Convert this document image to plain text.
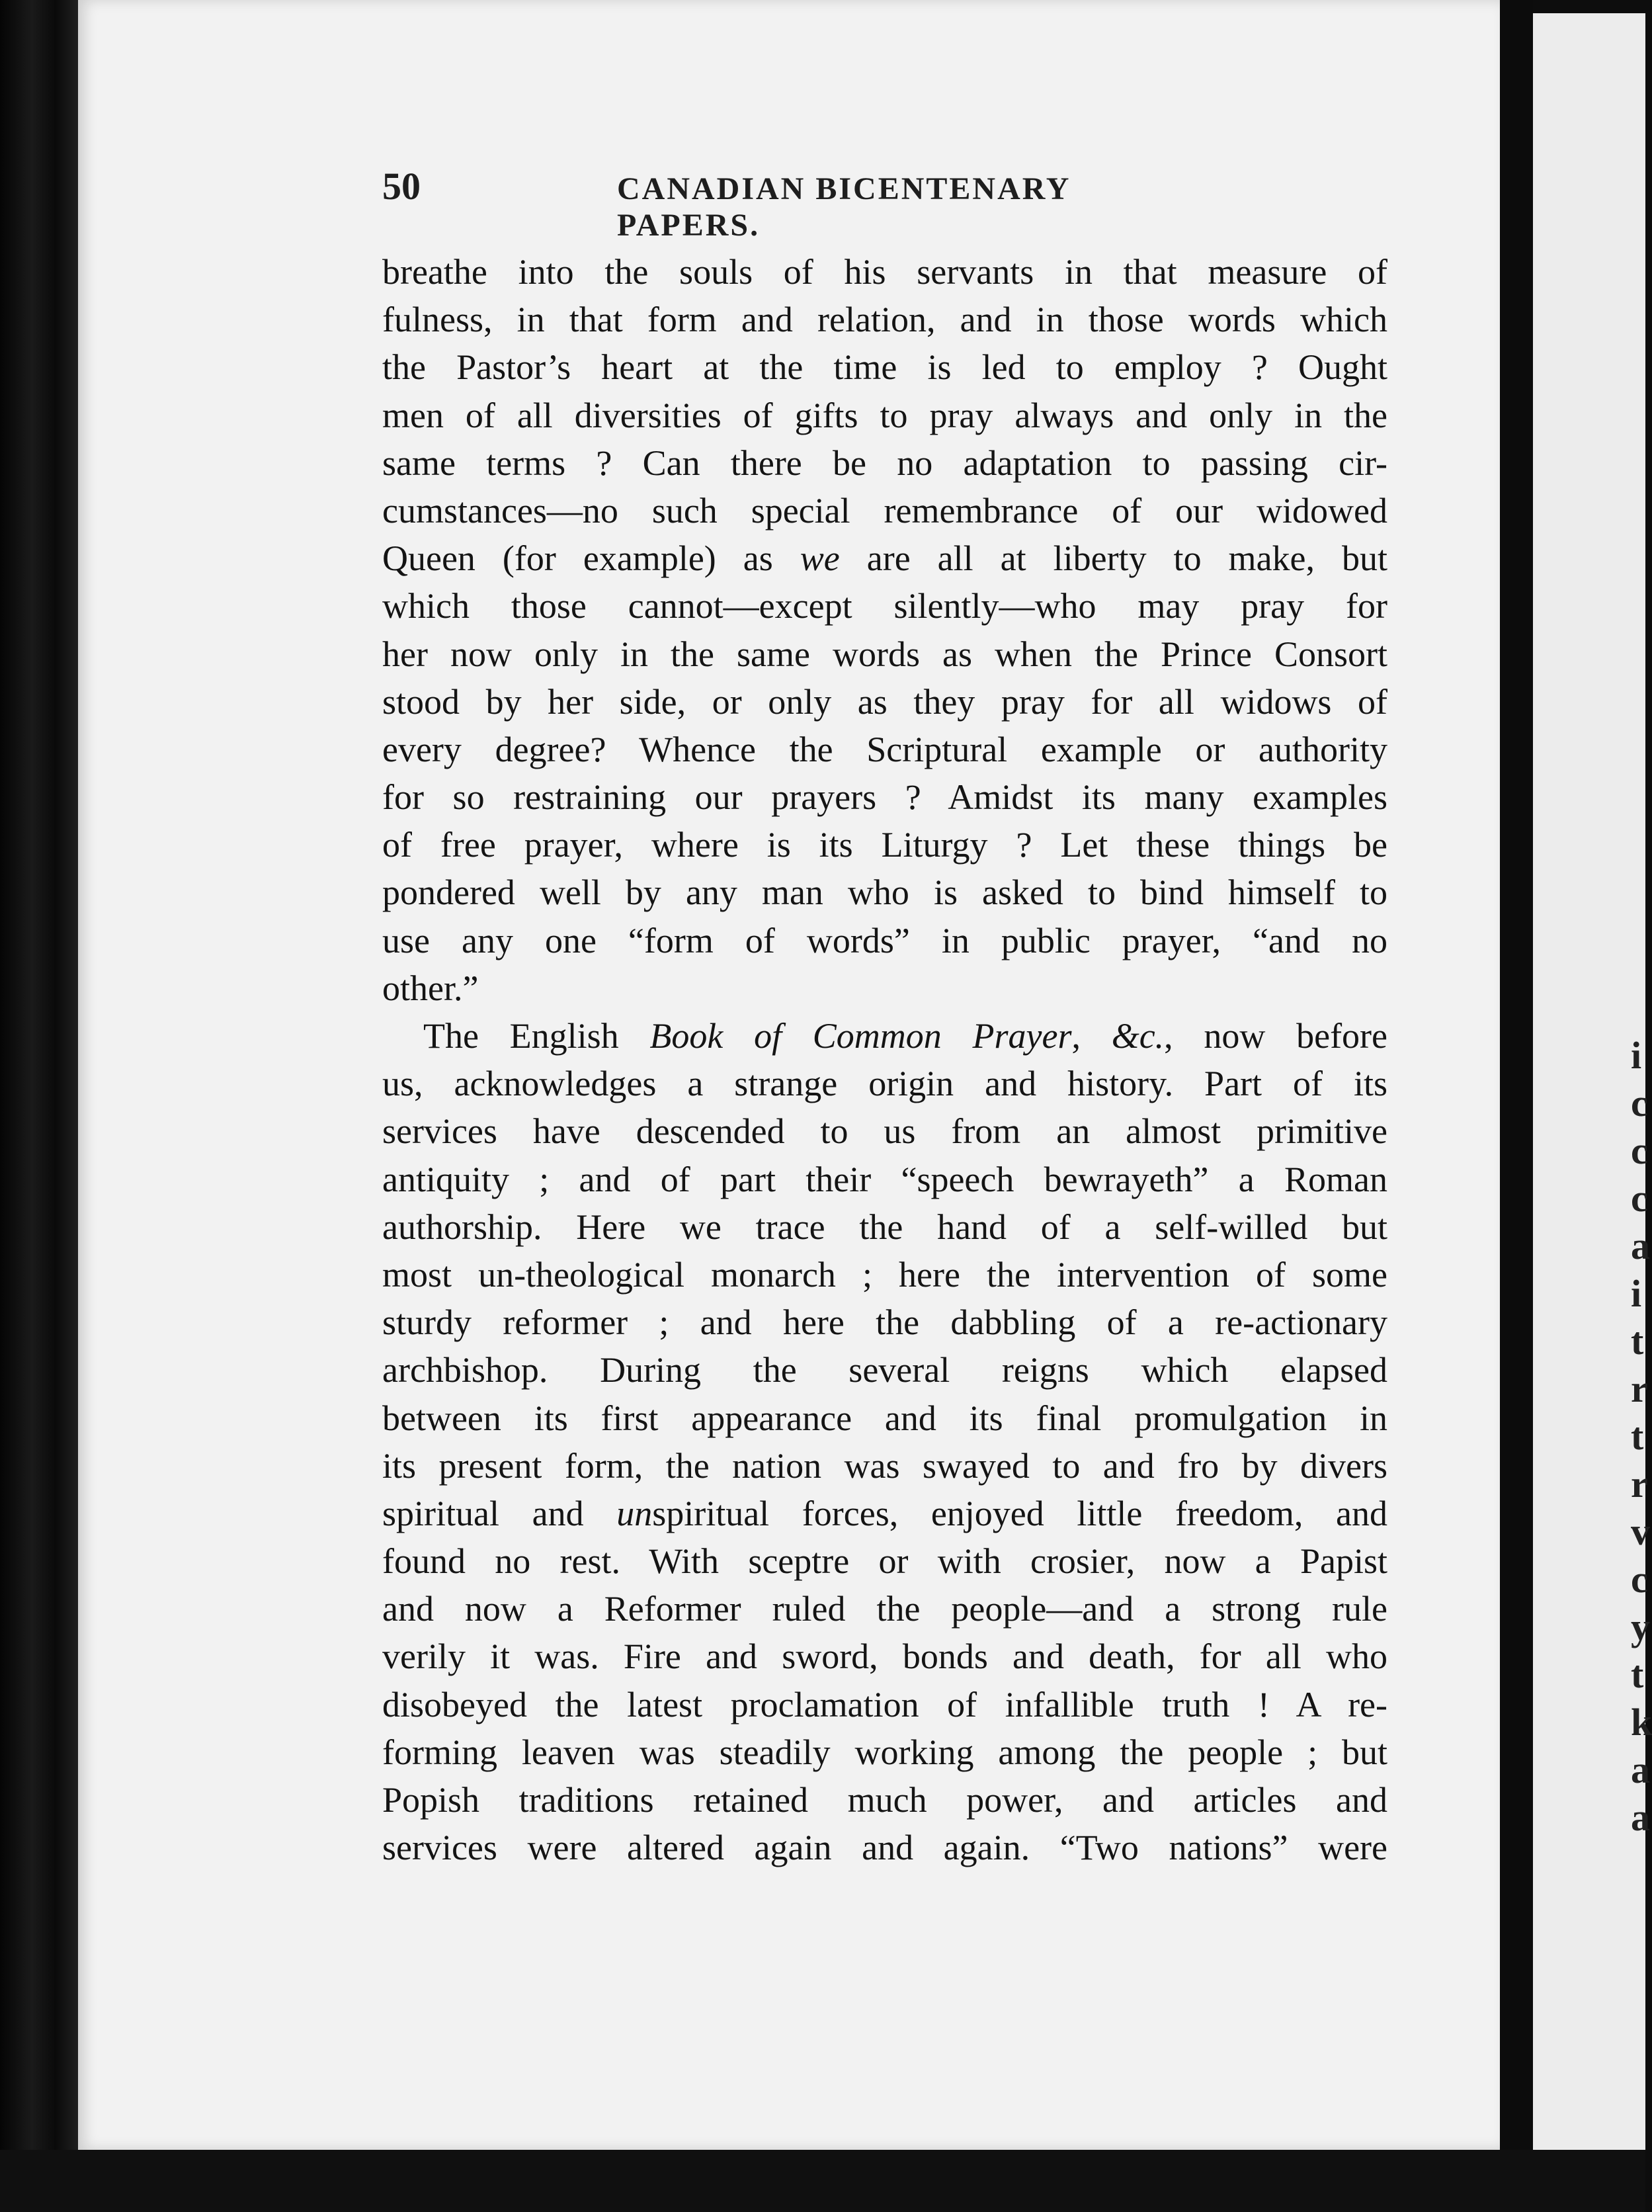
i
c
c
c
a
i
t
r
t
r
v
c
y
t
k
a
a
50	CANADIAN BICENTENARY PAPERS.
breathe into the souls of his servants in that measure of
fulness, in that form and relation, and in those words which
the Pastor’s heart at the time is led to employ ? Ought
men of all diversities of gifts to pray always and only in the
same terms ? Can there be no adaptation to passing cir-
cumstances—no such special remembrance of our widowed
Queen (for example) as we are all at liberty to make, but
which those cannot—except silently—who may pray for
her now only in the same words as when the Prince Consort
stood by her side, or only as they pray for all widows of
every degree? Whence the Scriptural example or authority
for so restraining our prayers ? Amidst its many examples
of free prayer, where is its Liturgy ? Let these things be
pondered well by any man who is asked to bind himself to
use any one “form of words” in public prayer, “and no
other.”
The English Book of Common Prayer, &c., now before
us, acknowledges a strange origin and history. Part of its
services have descended to us from an almost primitive
antiquity ; and of part their “speech bewrayeth” a Roman
authorship. Here we trace the hand of a self-willed but
most un-theological monarch ; here the intervention of some
sturdy reformer ; and here the dabbling of a re-actionary
archbishop. During the several reigns which elapsed
between its first appearance and its final promulgation in
its present form, the nation was swayed to and fro by divers
spiritual and unspiritual forces, enjoyed little freedom, and
found no rest. With sceptre or with crosier, now a Papist
and now a Reformer ruled the people—and a strong rule
verily it was. Fire and sword, bonds and death, for all who
disobeyed the latest proclamation of infallible truth ! A re-
forming leaven was steadily working among the people ; but
Popish traditions retained much power, and articles and
services were altered again and again. “Two nations” were
